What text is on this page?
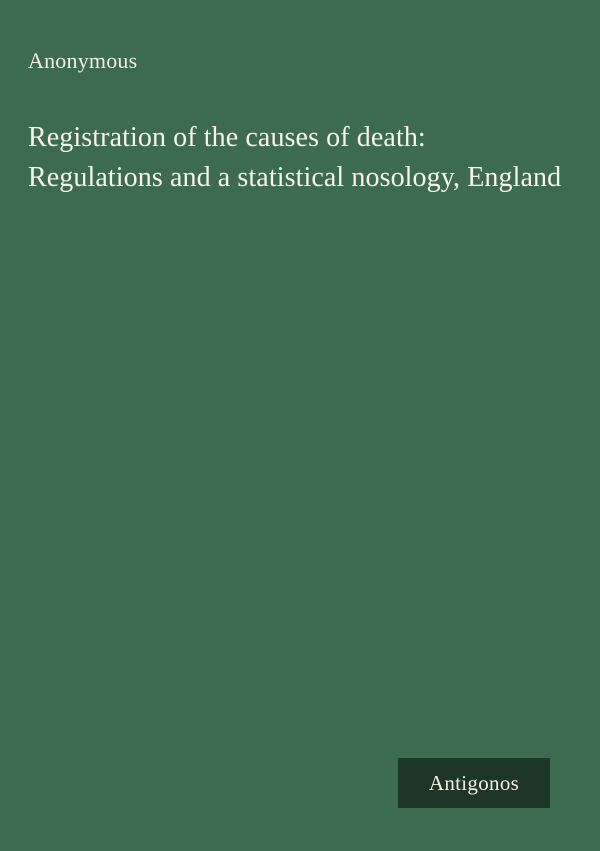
Anonymous
Registration of the causes of death: Regulations and a statistical nosology, England
Antigonos
